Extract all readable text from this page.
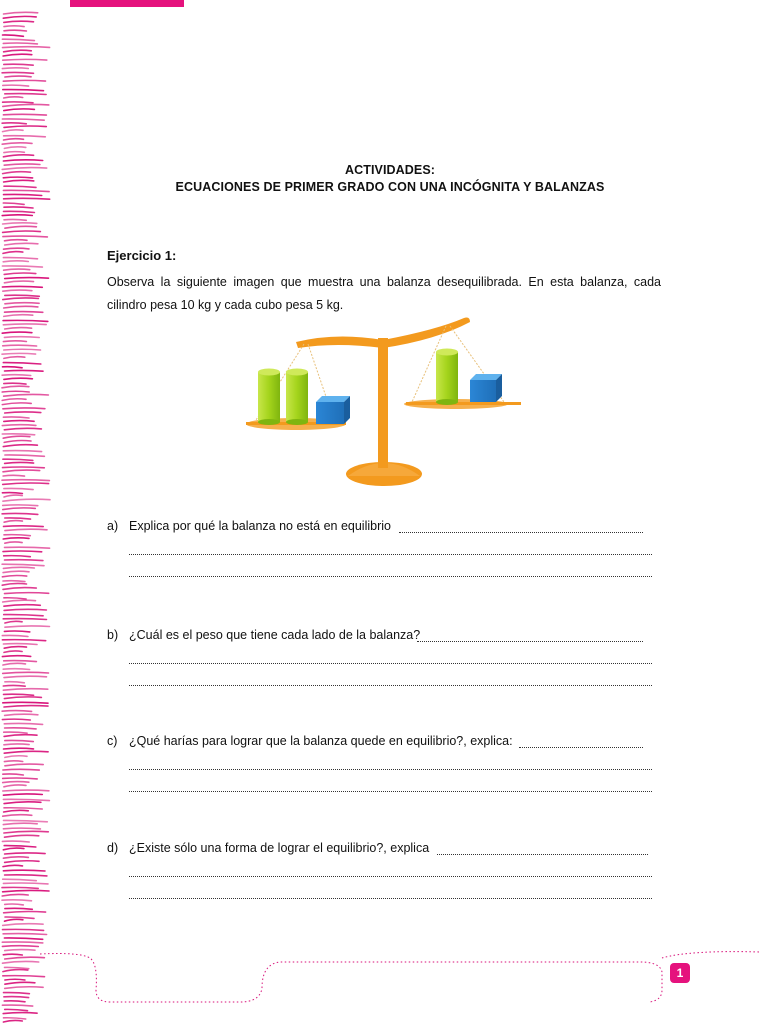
ACTIVIDADES:
ECUACIONES DE PRIMER GRADO CON UNA INCÓGNITA Y BALANZAS
Ejercicio 1:
Observa la siguiente imagen que muestra una balanza desequilibrada. En esta balanza, cada cilindro pesa 10 kg y cada cubo pesa 5 kg.
a) Explica por qué la balanza no está en equilibrio
b) ¿Cuál es el peso que tiene cada lado de la balanza?
c) ¿Qué harías para lograr que la balanza quede en equilibrio?, explica:
d) ¿Existe sólo una forma de lograr el equilibrio?, explica
1
